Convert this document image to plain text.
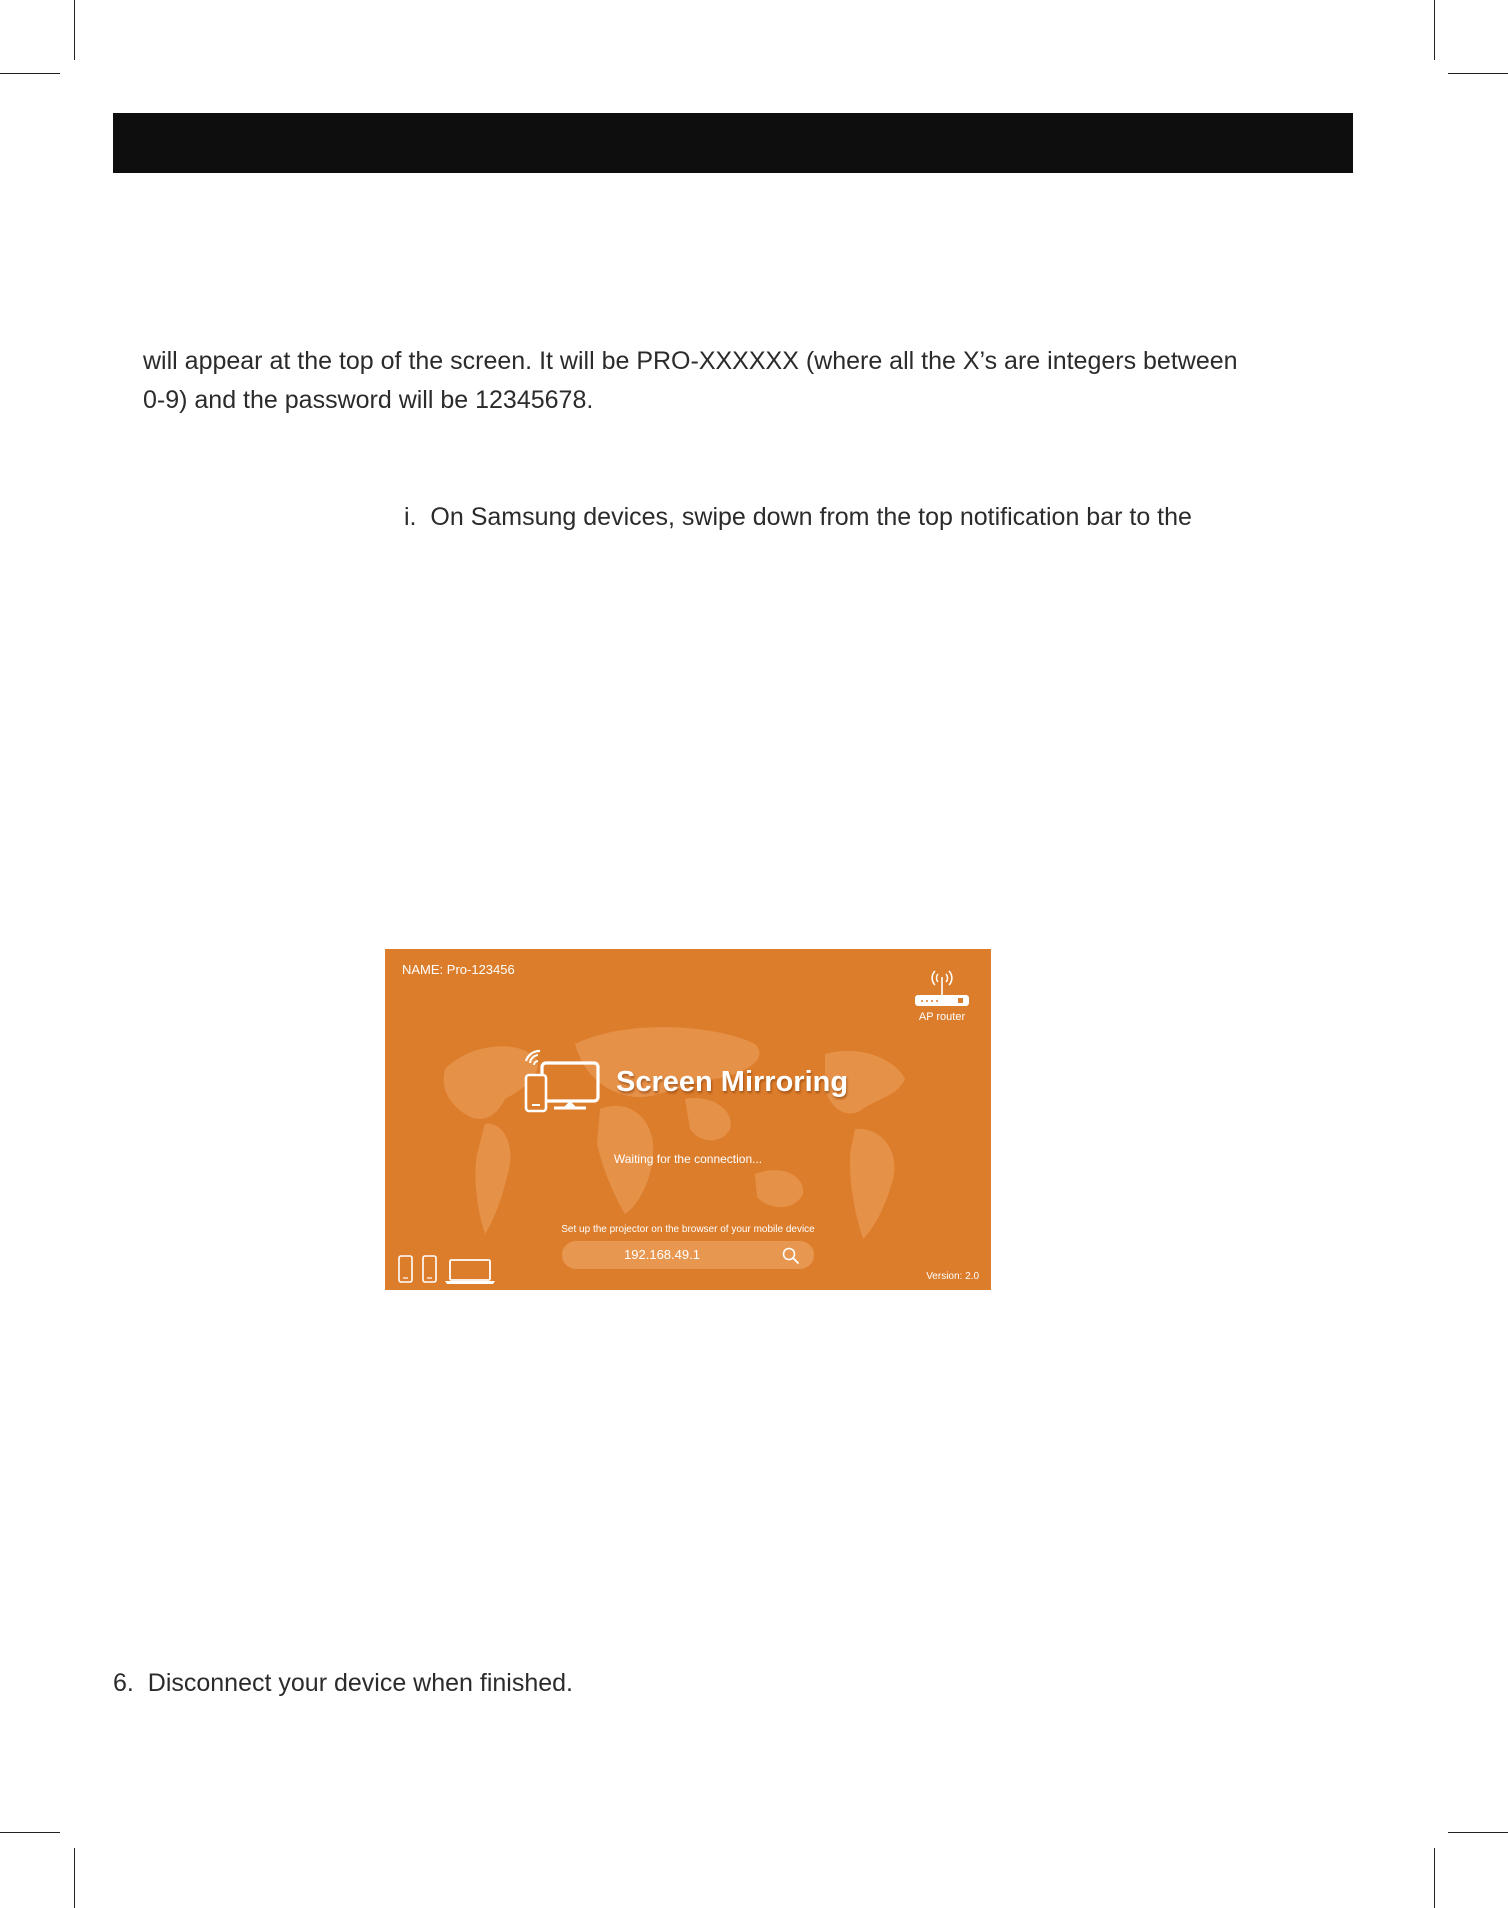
will appear at the top of the screen. It will be PRO-XXXXXX (where all the X’s are integers between
0-9) and the password will be 12345678.

i. On Samsung devices, swipe down from the top notification bar to the
NAME: Pro-123456
AP router
Screen Mirroring
Waiting for the connection...
Set up the projector on the browser of your mobile device
192.168.49.1
Version: 2.0
6. Disconnect your device when finished.
